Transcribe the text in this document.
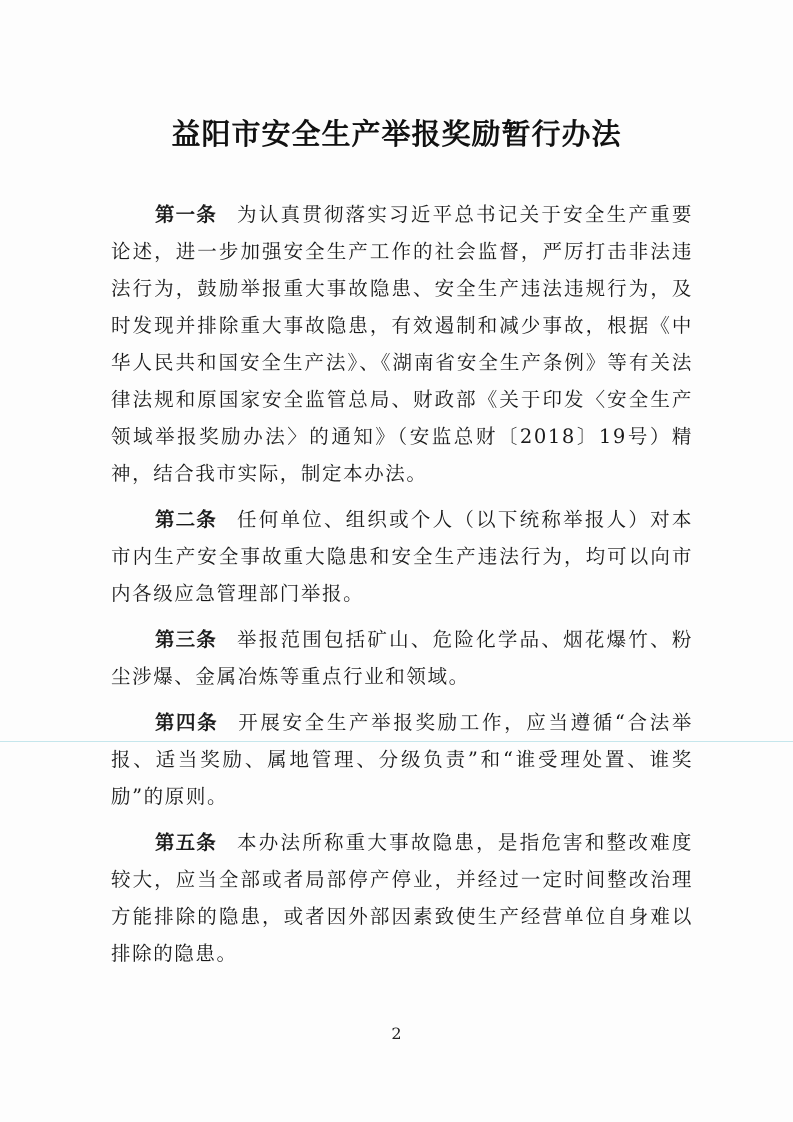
益阳市安全生产举报奖励暂行办法

第一条 为认真贯彻落实习近平总书记关于安全生产重要论述，进一步加强安全生产工作的社会监督，严厉打击非法违法行为，鼓励举报重大事故隐患、安全生产违法违规行为，及时发现并排除重大事故隐患，有效遏制和减少事故，根据《中华人民共和国安全生产法》、《湖南省安全生产条例》等有关法律法规和原国家安全监管总局、财政部《关于印发〈安全生产领域举报奖励办法〉的通知》（安监总财〔2018〕19号）精神，结合我市实际，制定本办法。

第二条 任何单位、组织或个人（以下统称举报人）对本市内生产安全事故重大隐患和安全生产违法行为，均可以向市内各级应急管理部门举报。

第三条 举报范围包括矿山、危险化学品、烟花爆竹、粉尘涉爆、金属冶炼等重点行业和领域。

第四条 开展安全生产举报奖励工作，应当遵循“合法举报、适当奖励、属地管理、分级负责”和“谁受理处置、谁奖励”的原则。

第五条 本办法所称重大事故隐患，是指危害和整改难度较大，应当全部或者局部停产停业，并经过一定时间整改治理方能排除的隐患，或者因外部因素致使生产经营单位自身难以排除的隐患。

2
